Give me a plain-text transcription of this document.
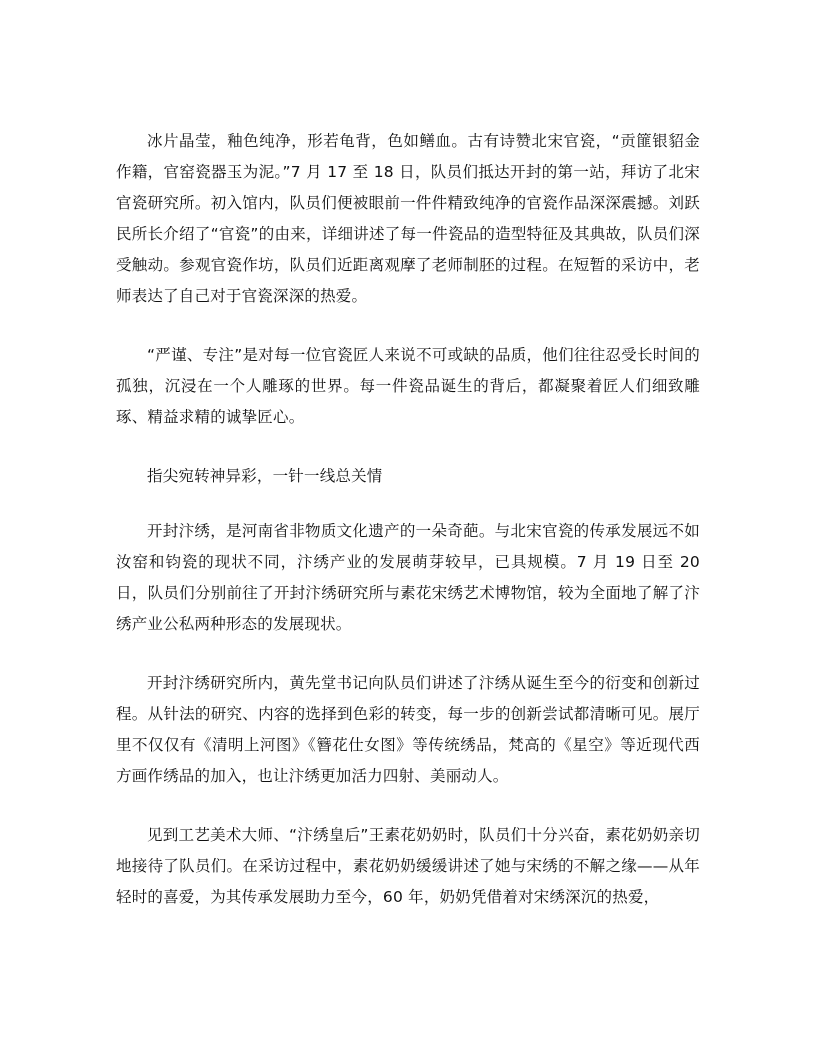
冰片晶莹，釉色纯净，形若龟背，色如鳝血。古有诗赞北宋官瓷，“贡篚银貂金作籍，官窑瓷器玉为泥。”7 月 17 至 18 日，队员们抵达开封的第一站，拜访了北宋官瓷研究所。初入馆内，队员们便被眼前一件件精致纯净的官瓷作品深深震撼。刘跃民所长介绍了“官瓷”的由来，详细讲述了每一件瓷品的造型特征及其典故，队员们深受触动。参观官瓷作坊，队员们近距离观摩了老师制胚的过程。在短暂的采访中，老师表达了自己对于官瓷深深的热爱。

“严谨、专注”是对每一位官瓷匠人来说不可或缺的品质，他们往往忍受长时间的孤独，沉浸在一个人雕琢的世界。每一件瓷品诞生的背后，都凝聚着匠人们细致雕琢、精益求精的诚挚匠心。

指尖宛转神异彩，一针一线总关情

开封汴绣，是河南省非物质文化遗产的一朵奇葩。与北宋官瓷的传承发展远不如汝窑和钧瓷的现状不同，汴绣产业的发展萌芽较早，已具规模。7 月 19 日至 20 日，队员们分别前往了开封汴绣研究所与素花宋绣艺术博物馆，较为全面地了解了汴绣产业公私两种形态的发展现状。

开封汴绣研究所内，黄先堂书记向队员们讲述了汴绣从诞生至今的衍变和创新过程。从针法的研究、内容的选择到色彩的转变，每一步的创新尝试都清晰可见。展厅里不仅仅有《清明上河图》《簪花仕女图》等传统绣品，梵高的《星空》等近现代西方画作绣品的加入，也让汴绣更加活力四射、美丽动人。

见到工艺美术大师、“汴绣皇后”王素花奶奶时，队员们十分兴奋，素花奶奶亲切地接待了队员们。在采访过程中，素花奶奶缓缓讲述了她与宋绣的不解之缘——从年轻时的喜爱，为其传承发展助力至今，60 年，奶奶凭借着对宋绣深沉的热爱，
